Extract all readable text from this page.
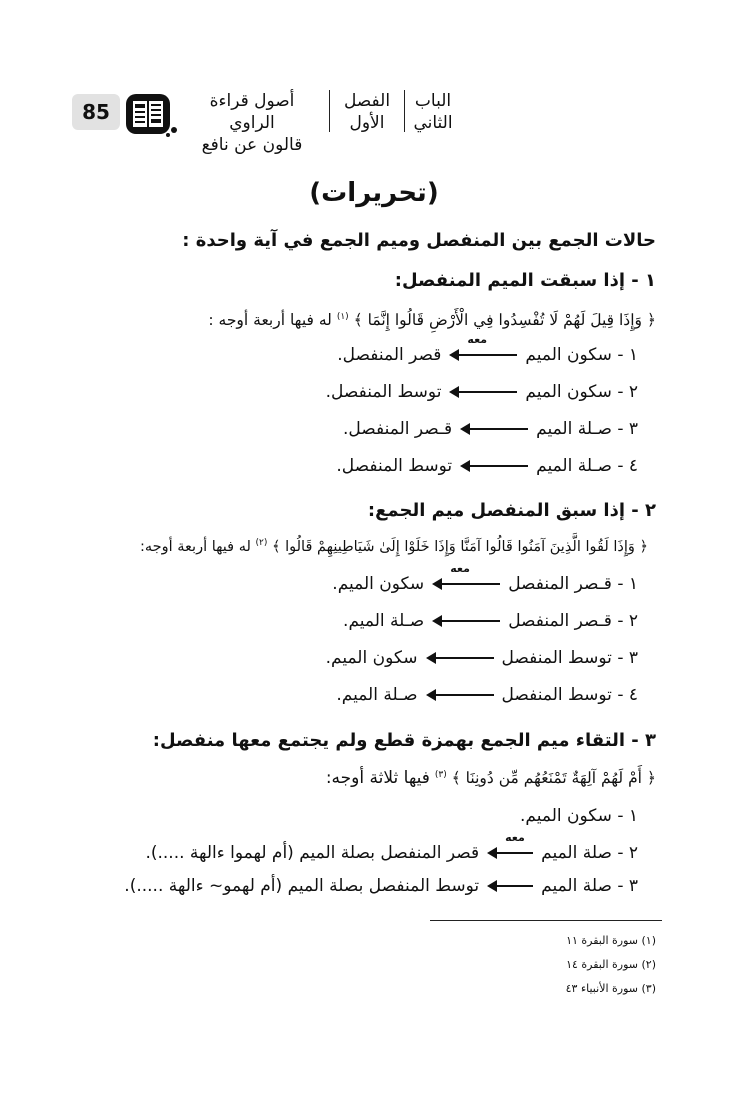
85	أصول قراءة الراوي
قالون عن نافع
الفصل
الأول
الباب
الثاني
(تحريرات)
حالات الجمع بين المنفصل وميم الجمع في آية واحدة :
١ - إذا سبقت الميم المنفصل:
﴿ وَإِذَا قِيلَ لَهُمْ لَا تُفْسِدُوا فِي الْأَرْضِ قَالُوا إِنَّمَا ﴾ $^{(١)}$ له فيها أربعة أوجه :
١ -

سكون الميم
معه
قصر المنفصل.
٢ -

سكون الميم
توسط المنفصل.
٣ -

صـلة الميم
قـصر المنفصل.
٤ -

صـلة الميم
توسط المنفصل.
٢ - إذا سبق المنفصل ميم الجمع:
﴿ وَإِذَا لَقُوا الَّذِينَ آمَنُوا قَالُوا آمَنَّا وَإِذَا خَلَوْا إِلَىٰ شَيَاطِينِهِمْ قَالُوا ﴾ $^{(٢)}$ له فيها أربعة أوجه:
١ -

قـصر المنفصل
معه
سكون الميم.
٢ -

قـصر المنفصل
صـلة الميم.
٣ -

توسط المنفصل
سكون الميم.
٤ -

توسط المنفصل
صـلة الميم.
٣ - التقاء ميم الجمع بهمزة قطع ولم يجتمع معها منفصل:
﴿ أَمْ لَهُمْ آلِهَةٌ تَمْنَعُهُم مِّن دُونِنَا ﴾ $^{(٣)}$ فيها ثلاثة أوجه:
١ - سكون الميم.
٢ -

صلة الميم
معه
قصر المنفصل بصلة الميم (أم لهموا ءالهة .....).
٣ -

صلة الميم
توسط المنفصل بصلة الميم (أم لهمو~ ءالهة .....).
(١) سورة البقرة ١١
(٢) سورة البقرة ١٤
(٣) سورة الأنبياء ٤٣
